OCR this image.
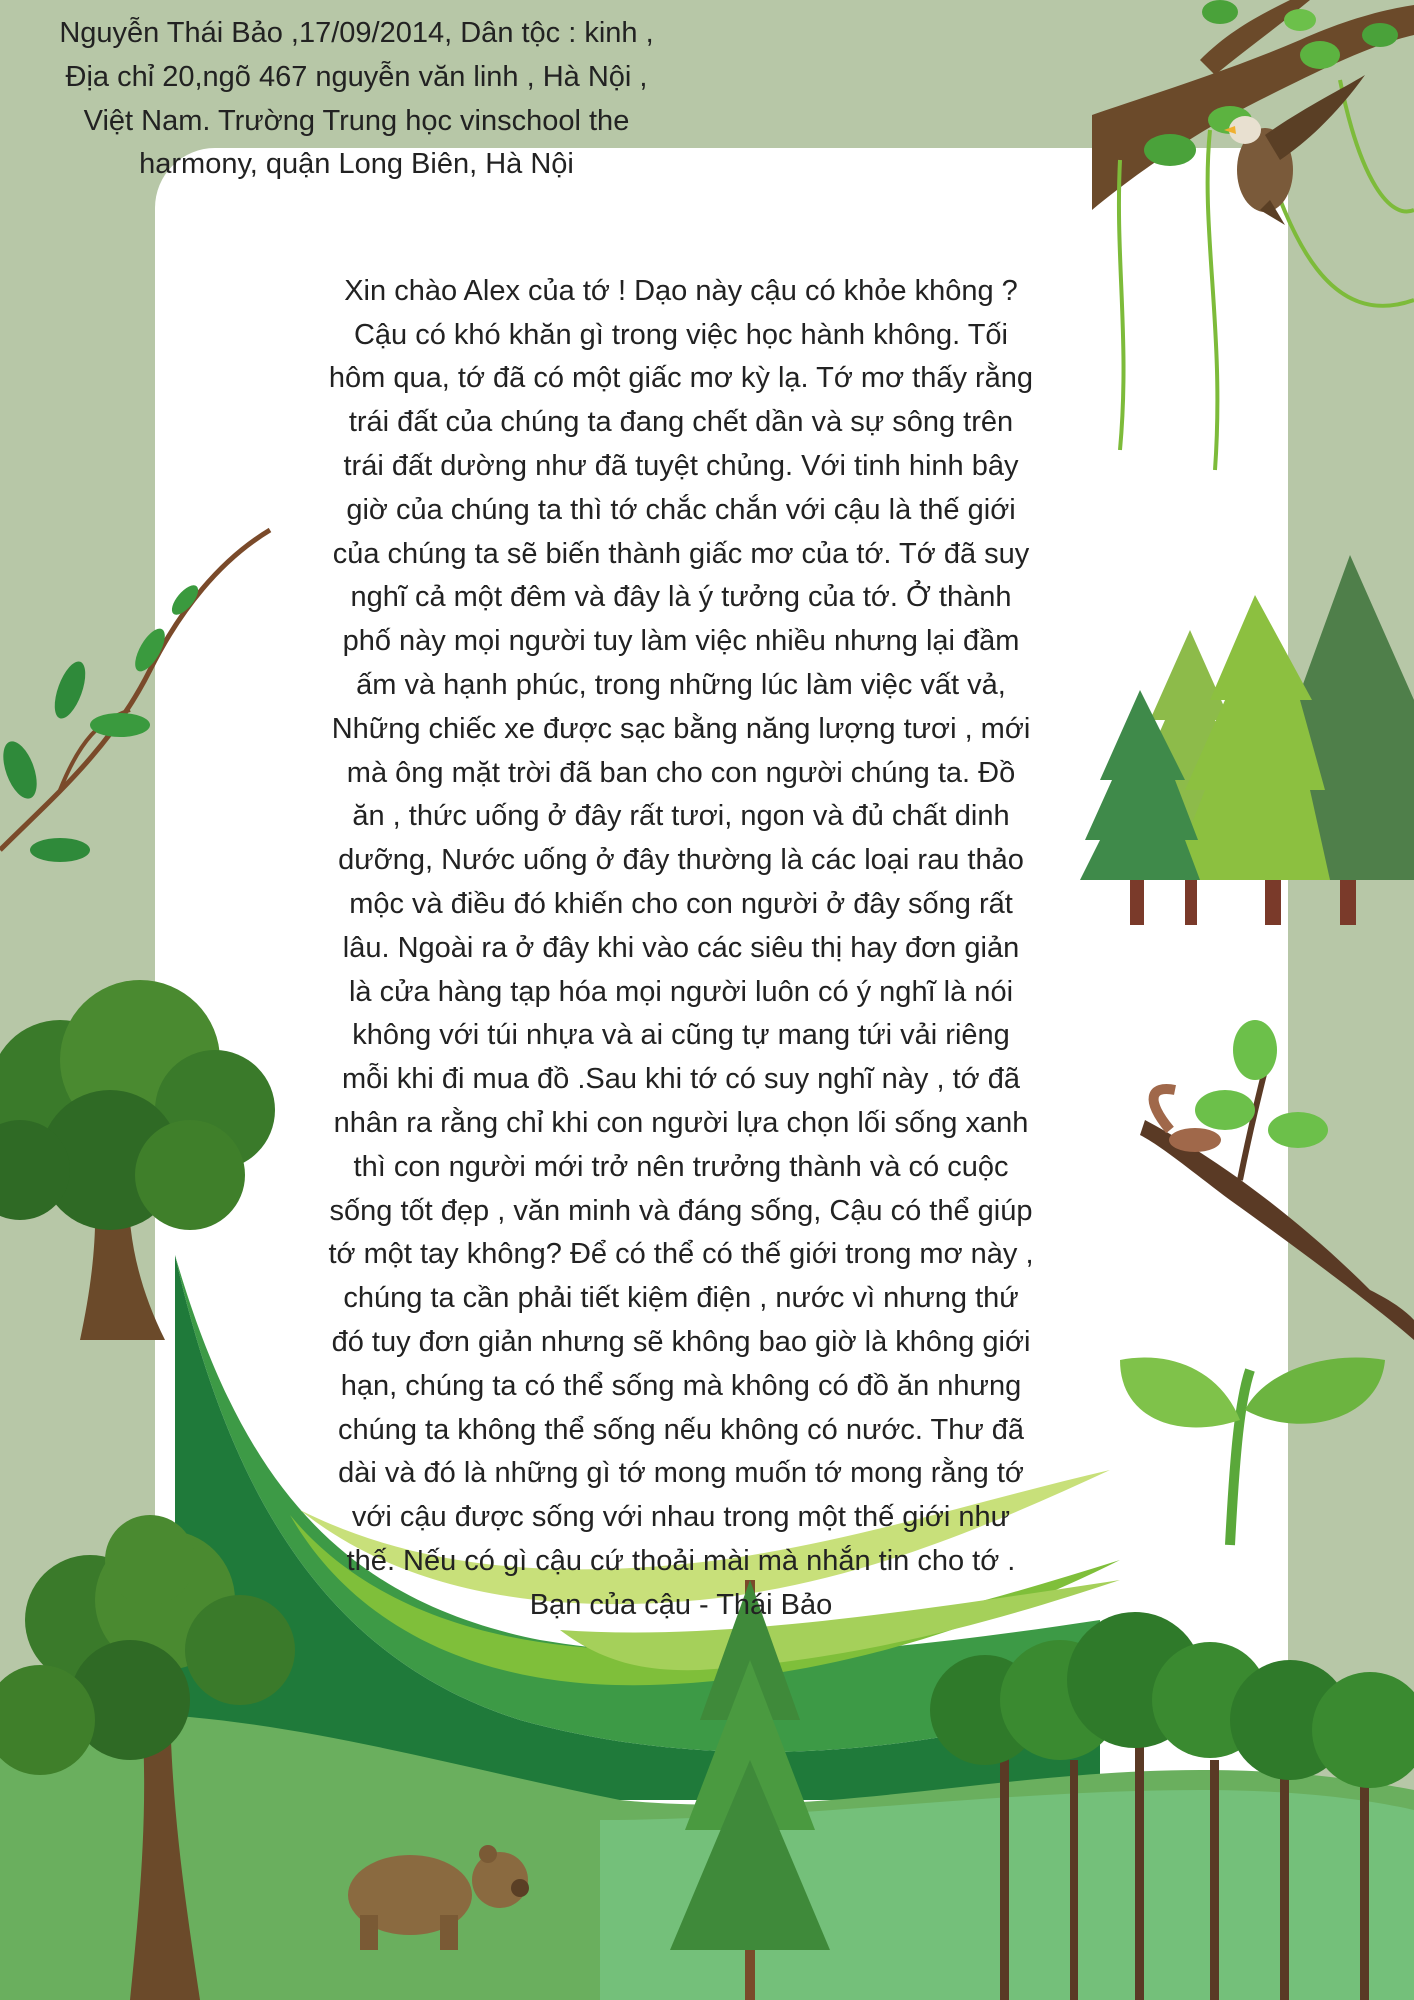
Nguyễn Thái Bảo ,17/09/2014, Dân tộc : kinh ,
Địa chỉ 20,ngõ 467 nguyễn văn linh , Hà Nội ,
Việt Nam. Trường Trung học vinschool the
harmony, quận Long Biên, Hà Nội

Xin chào Alex của tớ ! Dạo này cậu có khỏe không ?
Cậu có khó khăn gì trong việc học hành không. Tối
hôm qua, tớ đã có một giấc mơ kỳ lạ. Tớ mơ thấy rằng
trái đất của chúng ta đang chết dần và sự sông trên
trái đất dường như đã tuyệt chủng. Với tinh hinh bây
giờ của chúng ta thì tớ chắc chắn với cậu là thế giới
của chúng ta sẽ biến thành giấc mơ của tớ. Tớ đã suy
nghĩ cả một đêm và đây là ý tưởng của tớ. Ở thành
phố này mọi người tuy làm việc nhiều nhưng lại đầm
ấm và hạnh phúc, trong những lúc làm việc vất vả,
Những chiếc xe được sạc bằng năng lượng tươi , mới
mà ông mặt trời đã ban cho con người chúng ta. Đồ
ăn , thức uống ở đây rất tươi, ngon và đủ chất dinh
dưỡng, Nước uống ở đây thường là các loại rau thảo
mộc và điều đó khiến cho con người ở đây sống rất
lâu. Ngoài ra ở đây khi vào các siêu thị hay đơn giản
là cửa hàng tạp hóa mọi người luôn có ý nghĩ là nói
không với túi nhựa và ai cũng tự mang tứi vải riêng
mỗi khi đi mua đồ .Sau khi tớ có suy nghĩ này , tớ đã
nhân ra rằng chỉ khi con người lựa chọn lối sống xanh
thì con người mới trở nên trưởng thành và có cuộc
sống tốt đẹp , văn minh và đáng sống, Cậu có thể giúp
tớ một tay không? Để có thể có thế giới trong mơ này ,
chúng ta cần phải tiết kiệm điện , nước vì nhưng thứ
đó tuy đơn giản nhưng sẽ không bao giờ là không giới
hạn, chúng ta có thể sống mà không có đồ ăn nhưng
chúng ta không thể sống nếu không có nước. Thư đã
dài và đó là những gì tớ mong muốn tớ mong rằng tớ
với cậu được sống với nhau trong một thế giới như
thế. Nếu có gì cậu cứ thoải mài mà nhắn tin cho tớ .

Bạn của cậu - Thái Bảo
